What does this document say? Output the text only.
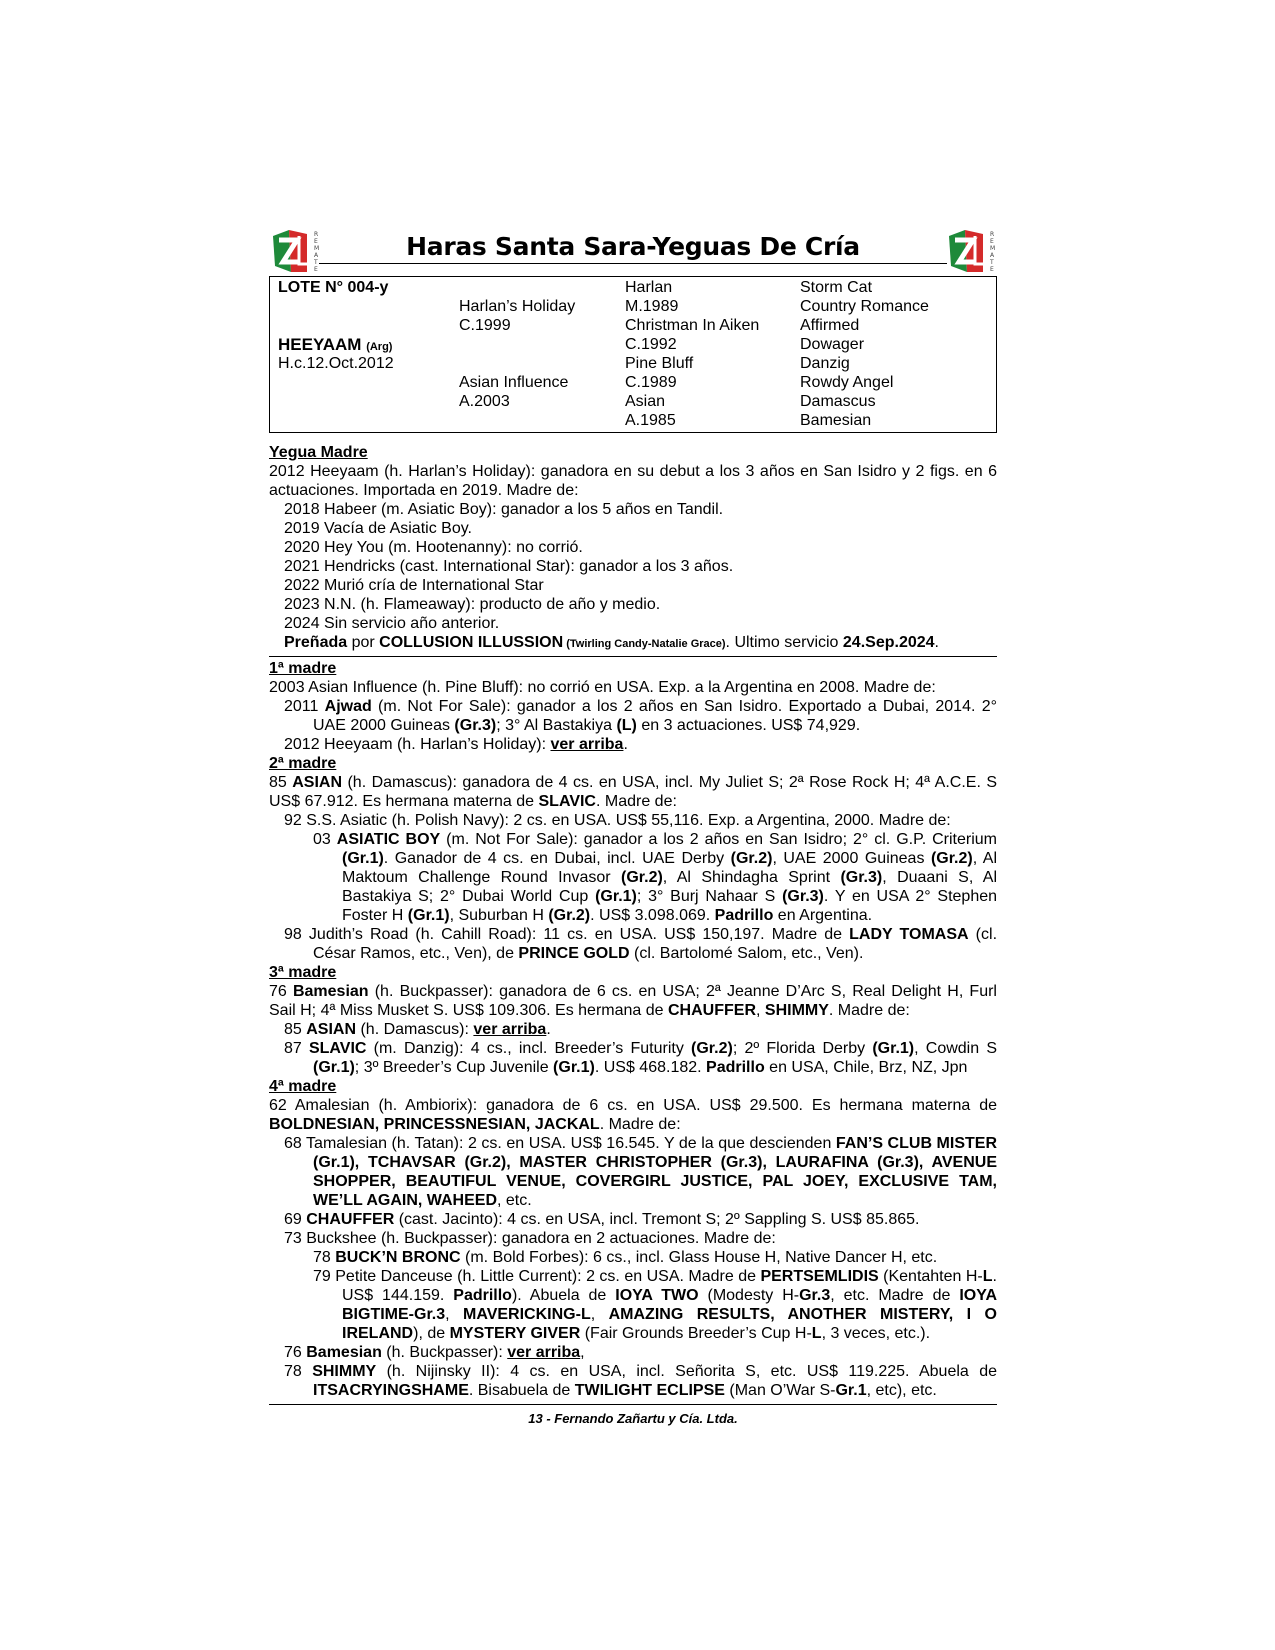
R
E
M
A
T
E
Haras Santa Sara-Yeguas De Cría	R
E
M
A
T
E
LOTE N° 004-y
HEEYAAM (Arg)
H.c.12.Oct.2012
Harlan’s Holiday
C.1999
Asian Influence
A.2003
Harlan
M.1989
Christman In Aiken
C.1992
Pine Bluff
C.1989
Asian
A.1985
Storm Cat
Country Romance
Affirmed
Dowager
Danzig
Rowdy Angel
Damascus
Bamesian

Yegua Madre

2012 Heeyaam (h. Harlan’s Holiday): ganadora en su debut a los 3 años en San Isidro y 2 figs. en 6 actuaciones. Importada en 2019. Madre de:

2018 Habeer (m. Asiatic Boy): ganador a los 5 años en Tandil.

2019 Vacía de Asiatic Boy.

2020 Hey You (m. Hootenanny): no corrió.

2021 Hendricks (cast. International Star): ganador a los 3 años.

2022 Murió cría de International Star

2023 N.N. (h. Flameaway): producto de año y medio.

2024 Sin servicio año anterior.

Preñada por COLLUSION ILLUSSION (Twirling Candy-Natalie Grace). Ultimo servicio 24.Sep.2024.

1ª madre

2003 Asian Influence (h. Pine Bluff): no corrió en USA. Exp. a la Argentina en 2008. Madre de:

2011 Ajwad (m. Not For Sale): ganador a los 2 años en San Isidro. Exportado a Dubai, 2014. 2° UAE 2000 Guineas (Gr.3); 3° Al Bastakiya (L) en 3 actuaciones. US$ 74,929.

2012 Heeyaam (h. Harlan’s Holiday): ver arriba.

2ª madre

85 ASIAN (h. Damascus): ganadora de 4 cs. en USA, incl. My Juliet S; 2ª Rose Rock H; 4ª A.C.E. S US$ 67.912. Es hermana materna de SLAVIC. Madre de:

92 S.S. Asiatic (h. Polish Navy): 2 cs. en USA. US$ 55,116. Exp. a Argentina, 2000. Madre de:

03 ASIATIC BOY (m. Not For Sale): ganador a los 2 años en San Isidro; 2° cl. G.P. Criterium (Gr.1). Ganador de 4 cs. en Dubai, incl. UAE Derby (Gr.2), UAE 2000 Guineas (Gr.2), Al Maktoum Challenge Round Invasor (Gr.2), Al Shindagha Sprint (Gr.3), Duaani S, Al Bastakiya S; 2° Dubai World Cup (Gr.1); 3° Burj Nahaar S (Gr.3). Y en USA 2° Stephen Foster H (Gr.1), Suburban H (Gr.2). US$ 3.098.069. Padrillo en Argentina.

98 Judith’s Road (h. Cahill Road): 11 cs. en USA. US$ 150,197. Madre de LADY TOMASA (cl. César Ramos, etc., Ven), de PRINCE GOLD (cl. Bartolomé Salom, etc., Ven).

3ª madre

76 Bamesian (h. Buckpasser): ganadora de 6 cs. en USA; 2ª Jeanne D’Arc S, Real Delight H, Furl Sail H; 4ª Miss Musket S. US$ 109.306. Es hermana de CHAUFFER, SHIMMY. Madre de:

85 ASIAN (h. Damascus): ver arriba.

87 SLAVIC (m. Danzig): 4 cs., incl. Breeder’s Futurity (Gr.2); 2º Florida Derby (Gr.1), Cowdin S (Gr.1); 3º Breeder’s Cup Juvenile (Gr.1). US$ 468.182. Padrillo en USA, Chile, Brz, NZ, Jpn

4ª madre

62 Amalesian (h. Ambiorix): ganadora de 6 cs. en USA. US$ 29.500. Es hermana materna de BOLDNESIAN, PRINCESSNESIAN, JACKAL. Madre de:

68 Tamalesian (h. Tatan): 2 cs. en USA. US$ 16.545. Y de la que descienden FAN’S CLUB MISTER (Gr.1), TCHAVSAR (Gr.2), MASTER CHRISTOPHER (Gr.3), LAURAFINA (Gr.3), AVENUE SHOPPER, BEAUTIFUL VENUE, COVERGIRL JUSTICE, PAL JOEY, EXCLUSIVE TAM, WE’LL AGAIN, WAHEED, etc.

69 CHAUFFER (cast. Jacinto): 4 cs. en USA, incl. Tremont S; 2º Sappling S. US$ 85.865.

73 Buckshee (h. Buckpasser): ganadora en 2 actuaciones. Madre de:

78 BUCK’N BRONC (m. Bold Forbes): 6 cs., incl. Glass House H, Native Dancer H, etc.

79 Petite Danceuse (h. Little Current): 2 cs. en USA. Madre de PERTSEMLIDIS (Kentahten H-L. US$ 144.159. Padrillo). Abuela de IOYA TWO (Modesty H-Gr.3, etc. Madre de IOYA BIGTIME-Gr.3, MAVERICKING-L, AMAZING RESULTS, ANOTHER MISTERY, I O IRELAND), de MYSTERY GIVER (Fair Grounds Breeder’s Cup H-L, 3 veces, etc.).

76 Bamesian (h. Buckpasser): ver arriba,

78 SHIMMY (h. Nijinsky II): 4 cs. en USA, incl. Señorita S, etc. US$ 119.225. Abuela de ITSACRYINGSHAME. Bisabuela de TWILIGHT ECLIPSE (Man O’War S-Gr.1, etc), etc.

13 - Fernando Zañartu y Cía. Ltda.
